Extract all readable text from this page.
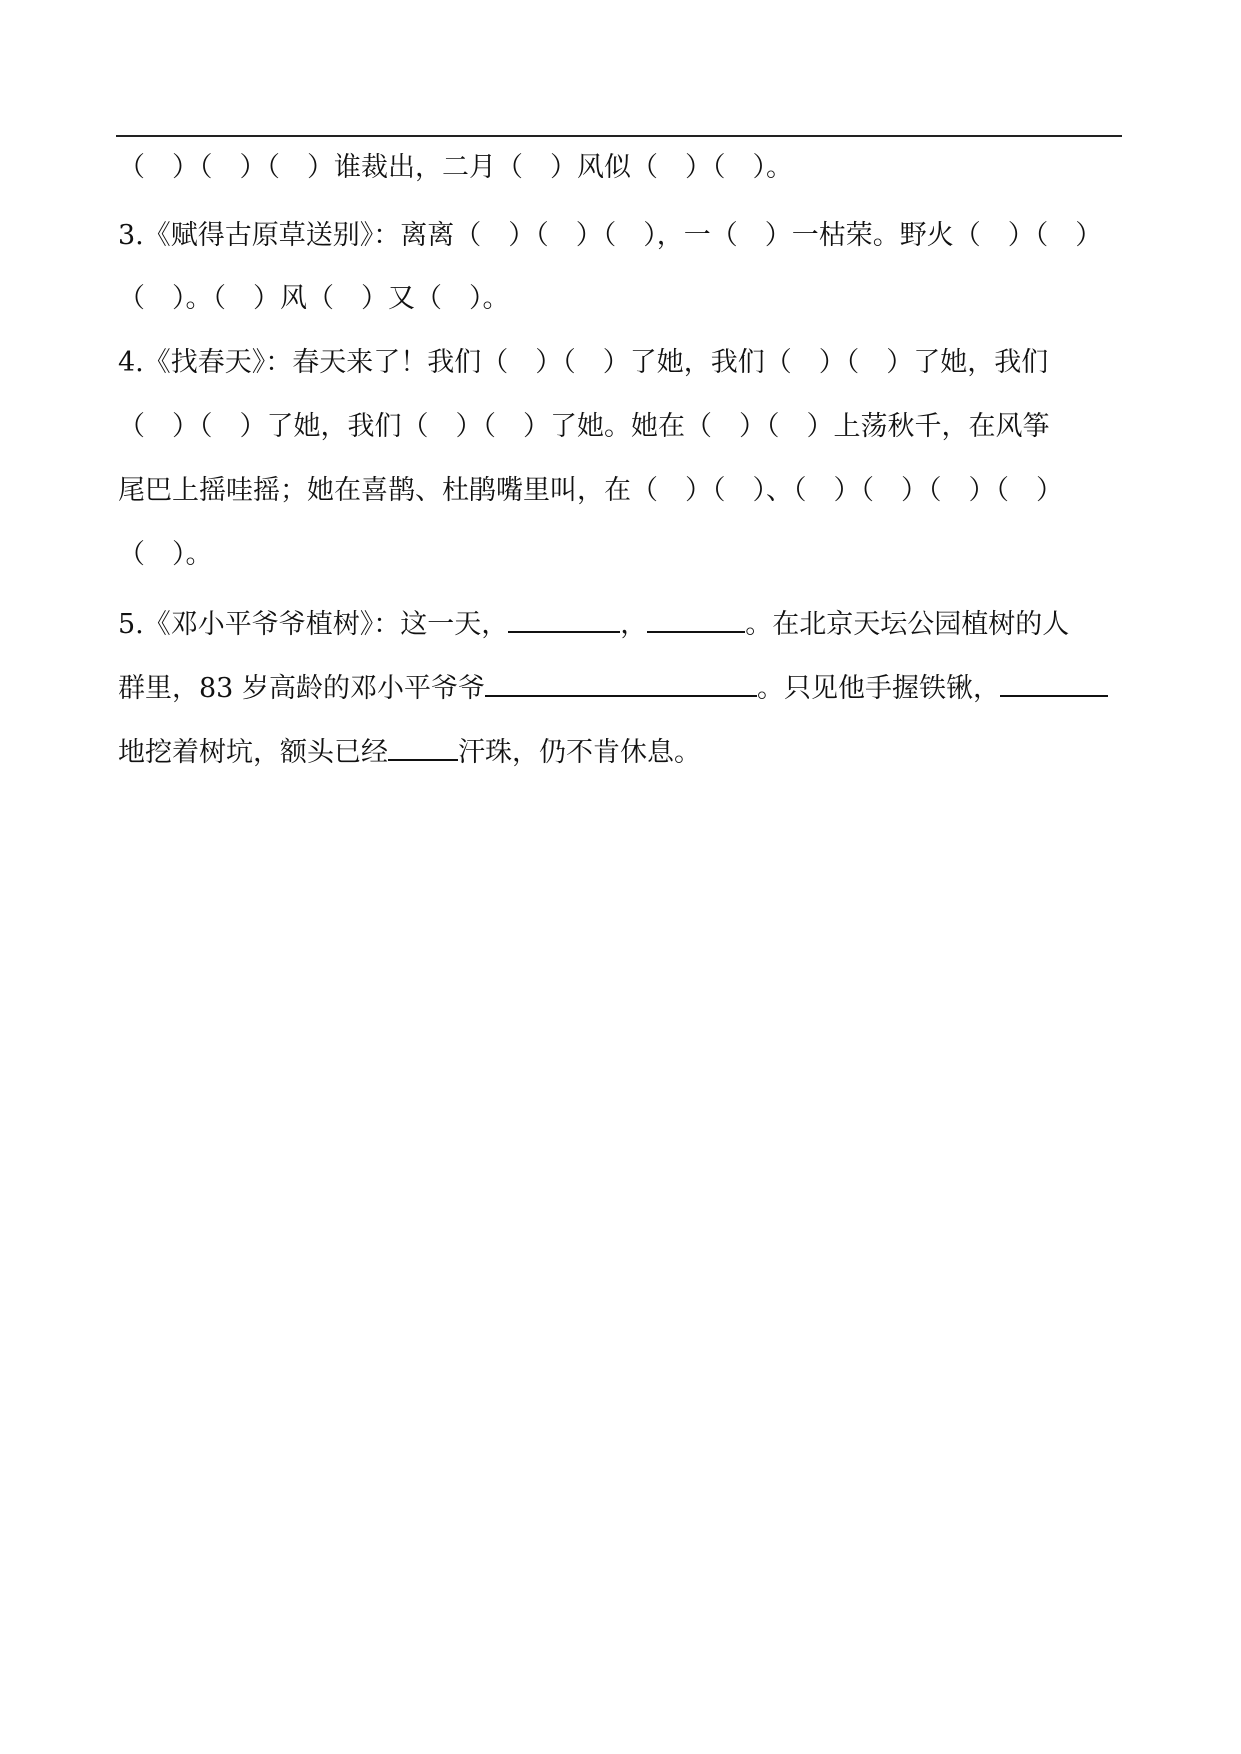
（　）（　）（　）谁裁出，二月（　）风似（　）（　）。
3.《赋得古原草送别》：离离（　）（　）（　），一（　）一枯荣。野火（　）（　）
（　）。（　）风（　）又（　）。
4.《找春天》：春天来了！我们（　）（　）了她，我们（　）（　）了她，我们
（　）（　）了她，我们（　）（　）了她。她在（　）（　）上荡秋千，在风筝
尾巴上摇哇摇；她在喜鹊、杜鹃嘴里叫，在（　）（　）、（　）（　）（　）（　）
（　）。
5.《邓小平爷爷植树》：这一天，	，	。在北京天坛公园植树的人
群里，83 岁高龄的邓小平爷爷	。只见他手握铁锹，
地挖着树坑，额头已经	汗珠，仍不肯休息。
